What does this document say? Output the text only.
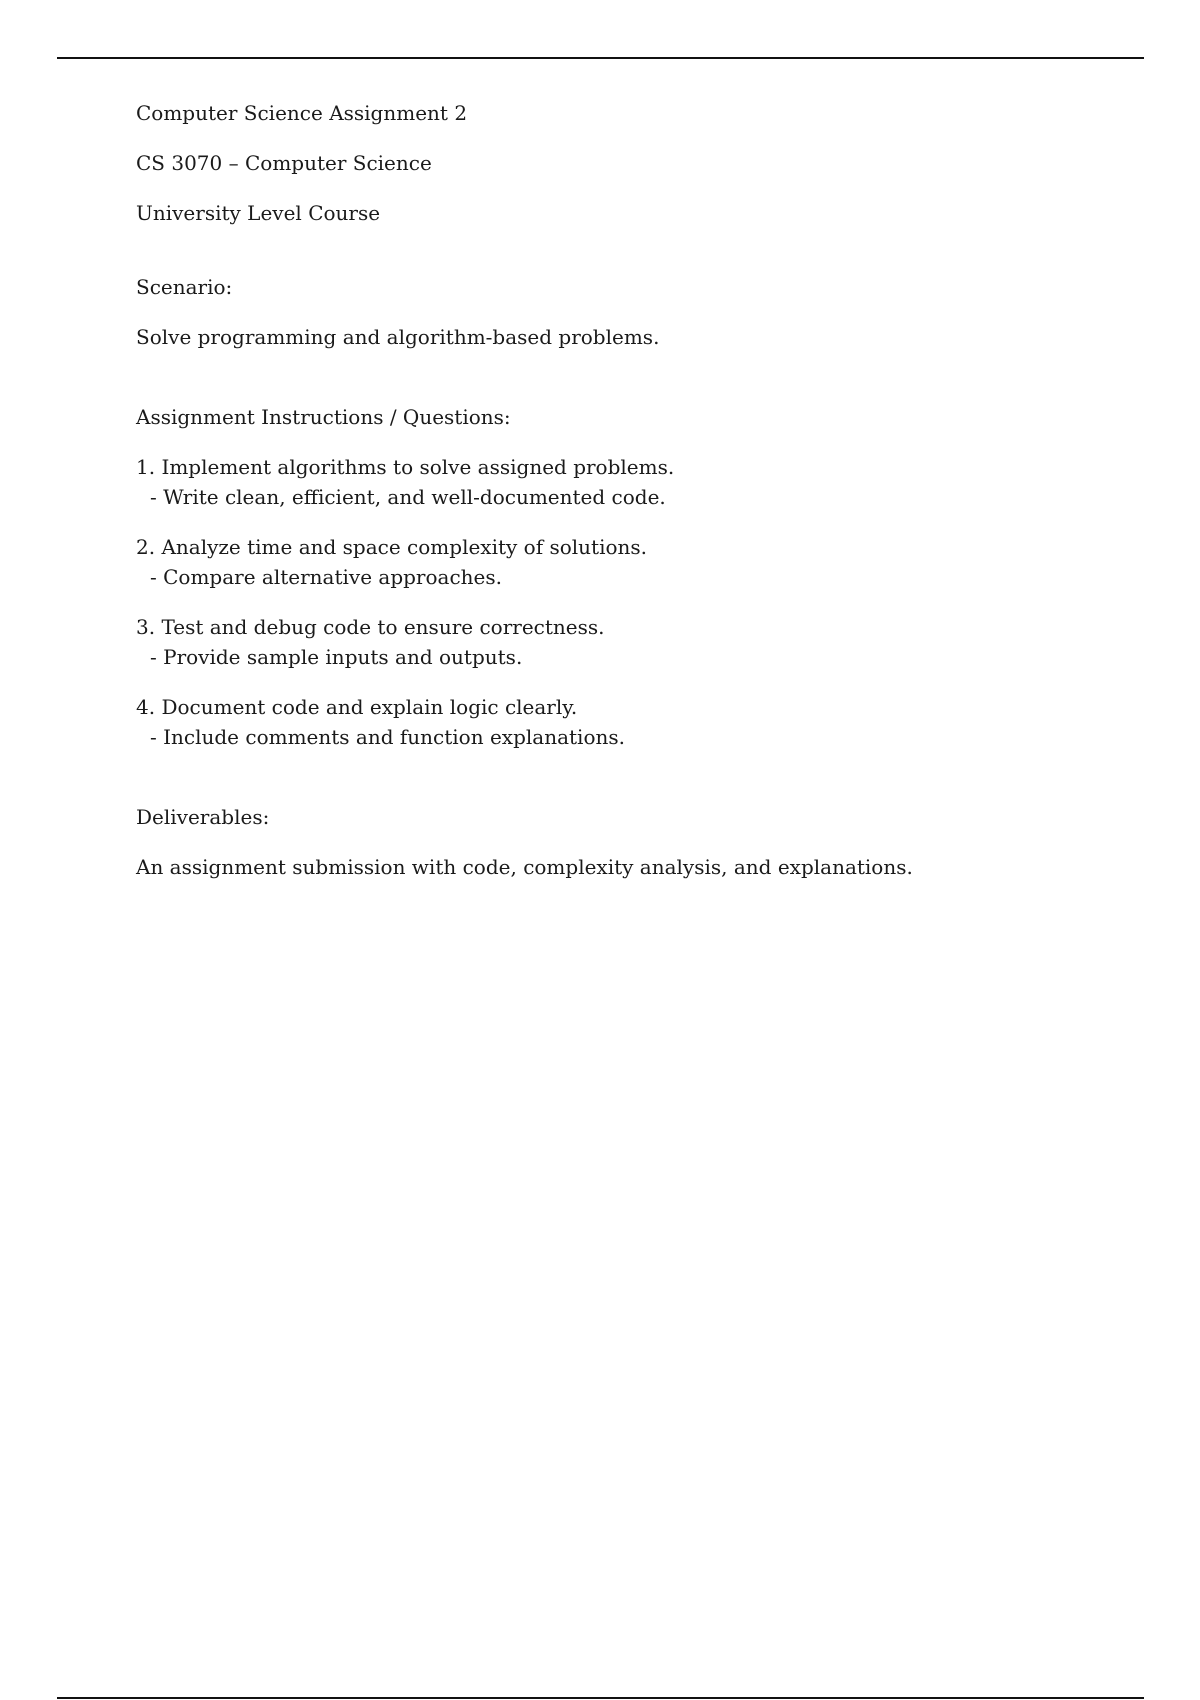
Computer Science Assignment 2

CS 3070 – Computer Science

University Level Course

Scenario:

Solve programming and algorithm-based problems.

Assignment Instructions / Questions:

1. Implement algorithms to solve assigned problems.

- Write clean, efficient, and well-documented code.

2. Analyze time and space complexity of solutions.

- Compare alternative approaches.

3. Test and debug code to ensure correctness.

- Provide sample inputs and outputs.

4. Document code and explain logic clearly.

- Include comments and function explanations.

Deliverables:

An assignment submission with code, complexity analysis, and explanations.
